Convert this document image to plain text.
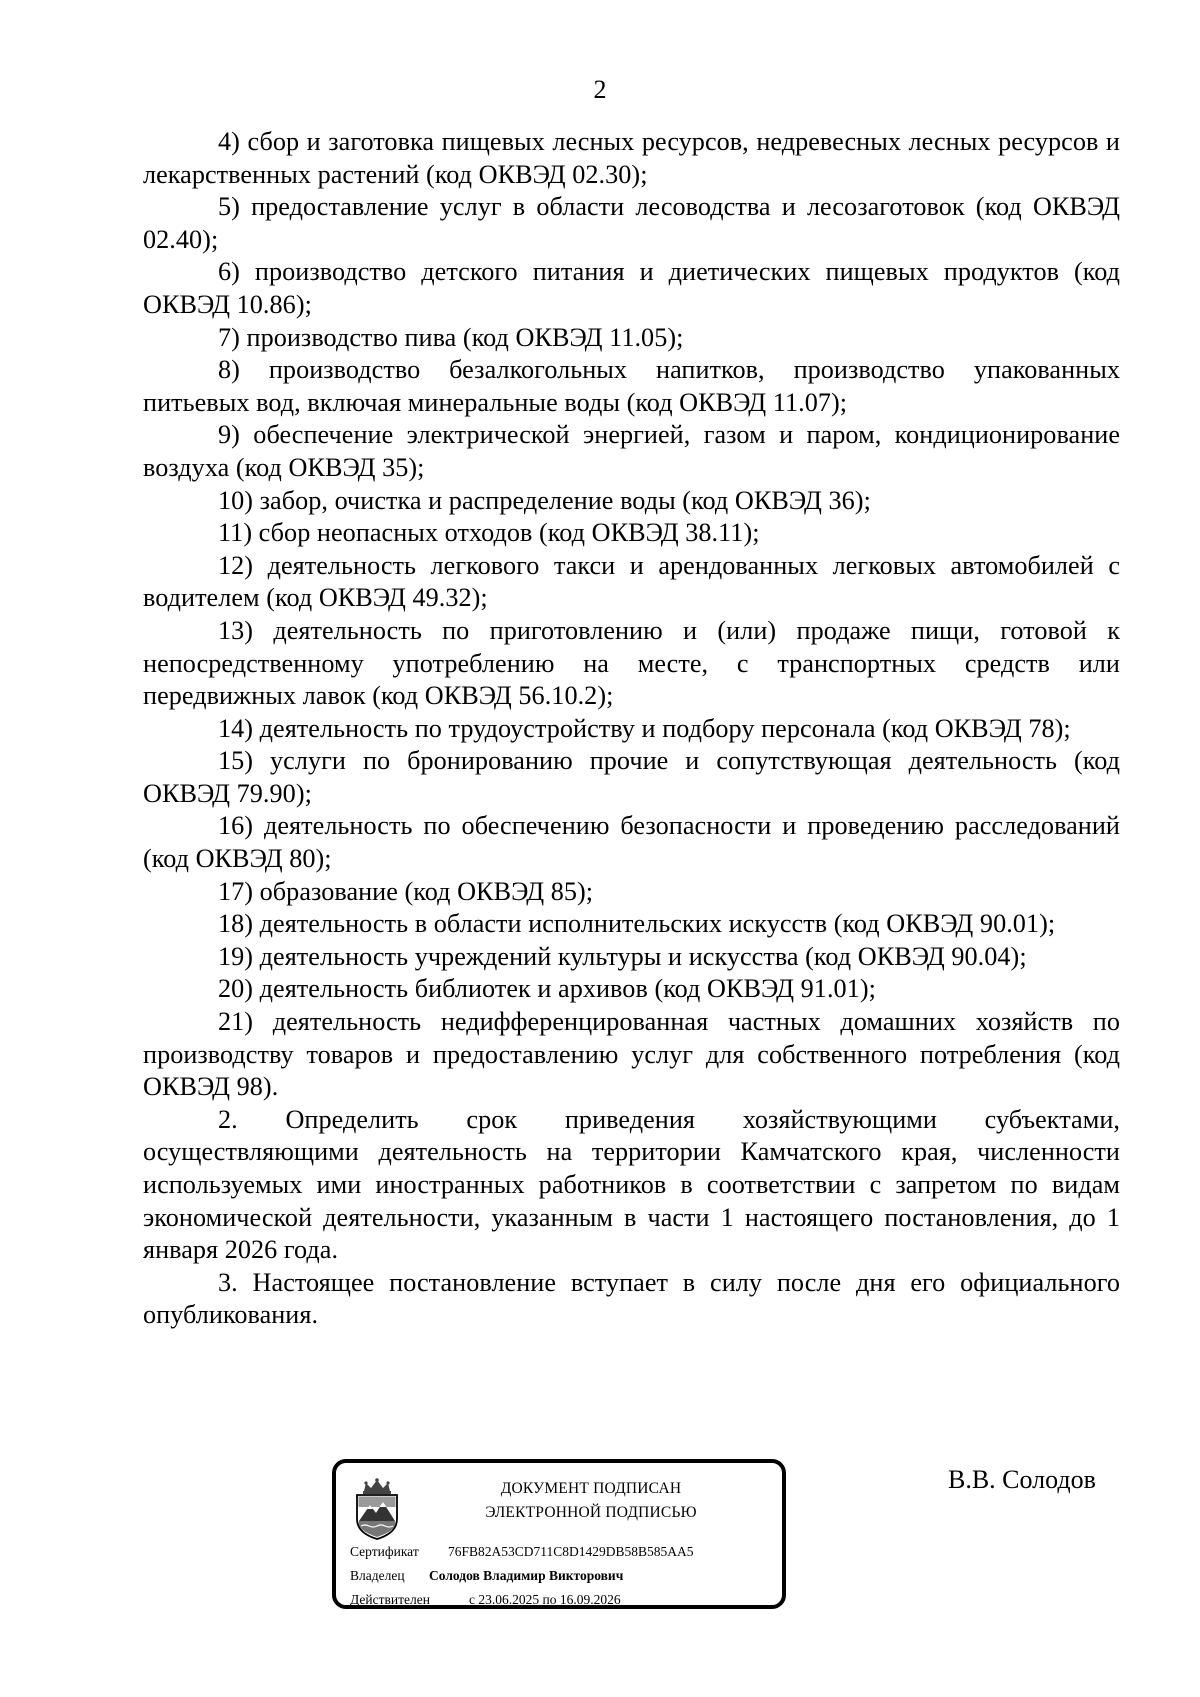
2

4) сбор и заготовка пищевых лесных ресурсов, недревесных лесных ресурсов и лекарственных растений (код ОКВЭД 02.30);

5) предоставление услуг в области лесоводства и лесозаготовок (код ОКВЭД 02.40);

6) производство детского питания и диетических пищевых продуктов (код ОКВЭД 10.86);

7) производство пива (код ОКВЭД 11.05);

8) производство безалкогольных напитков, производство упакованных питьевых вод, включая минеральные воды (код ОКВЭД 11.07);

9) обеспечение электрической энергией, газом и паром, кондиционирование воздуха (код ОКВЭД 35);

10) забор, очистка и распределение воды (код ОКВЭД 36);

11) сбор неопасных отходов (код ОКВЭД 38.11);

12) деятельность легкового такси и арендованных легковых автомобилей с водителем (код ОКВЭД 49.32);

13) деятельность по приготовлению и (или) продаже пищи, готовой к непосредственному употреблению на месте, с транспортных средств или передвижных лавок (код ОКВЭД 56.10.2);

14) деятельность по трудоустройству и подбору персонала (код ОКВЭД 78);

15) услуги по бронированию прочие и сопутствующая деятельность (код ОКВЭД 79.90);

16) деятельность по обеспечению безопасности и проведению расследований (код ОКВЭД 80);

17) образование (код ОКВЭД 85);

18) деятельность в области исполнительских искусств (код ОКВЭД 90.01);

19) деятельность учреждений культуры и искусства (код ОКВЭД 90.04);

20) деятельность библиотек и архивов (код ОКВЭД 91.01);

21) деятельность недифференцированная частных домашних хозяйств по производству товаров и предоставлению услуг для собственного потребления (код ОКВЭД 98).

2. Определить срок приведения хозяйствующими субъектами, осуществляющими деятельность на территории Камчатского края, численности используемых ими иностранных работников в соответствии с запретом по видам экономической деятельности, указанным в части 1 настоящего постановления, до 1 января 2026 года.

3. Настоящее постановление вступает в силу после дня его официального опубликования.

ДОКУМЕНТ ПОДПИСАН
ЭЛЕКТРОННОЙ ПОДПИСЬЮ
Сертификат 76FB82A53CD711C8D1429DB58B585AA5
Владелец Солодов Владимир Викторович
Действителен	с 23.06.2025 по 16.09.2026
В.В. Солодов
